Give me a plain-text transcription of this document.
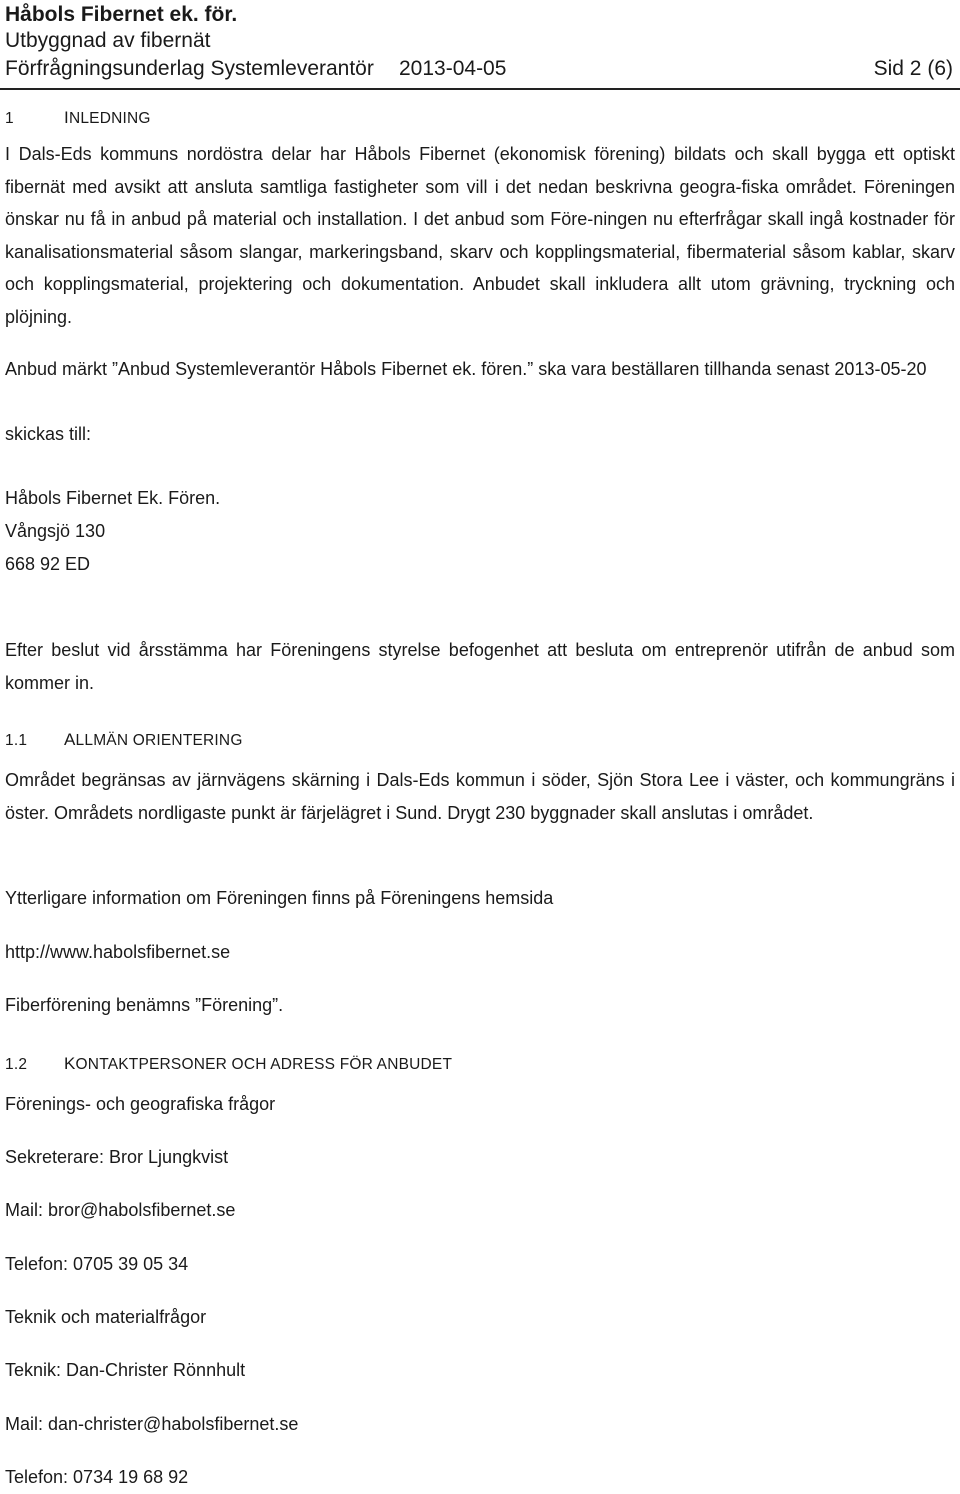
Håbols Fibernet ek. för.
Utbyggnad av fibernät
Förfrågningsunderlag Systemleverantör 2013-04-05	Sid 2 (6)
1	INLEDNING
I Dals-Eds kommuns nordöstra delar har Håbols Fibernet (ekonomisk förening) bildats och skall bygga ett optiskt fibernät med avsikt att ansluta samtliga fastigheter som vill i det nedan beskrivna geogra-fiska området. Föreningen önskar nu få in anbud på material och installation. I det anbud som Före-ningen nu efterfrågar skall ingå kostnader för kanalisationsmaterial såsom slangar, markeringsband, skarv och kopplingsmaterial, fibermaterial såsom kablar, skarv och kopplingsmaterial, projektering och dokumentation. Anbudet skall inkludera allt utom grävning, tryckning och plöjning.
Anbud märkt ”Anbud Systemleverantör Håbols Fibernet ek. fören.” ska vara beställaren tillhanda senast 2013-05-20
skickas till:
Håbols Fibernet Ek. Fören.
Vångsjö 130
668 92 ED
Efter beslut vid årsstämma har Föreningens styrelse befogenhet att besluta om entreprenör utifrån de anbud som kommer in.
1.1 ALLMÄN ORIENTERING
Området begränsas av järnvägens skärning i Dals-Eds kommun i söder, Sjön Stora Lee i väster, och kommungräns i öster. Områdets nordligaste punkt är färjelägret i Sund. Drygt 230 byggnader skall anslutas i området.
Ytterligare information om Föreningen finns på Föreningens hemsida
http://www.habolsfibernet.se
Fiberförening benämns ”Förening”.
1.2 KONTAKTPERSONER OCH ADRESS FÖR ANBUDET
Förenings- och geografiska frågor
Sekreterare: Bror Ljungkvist
Mail: bror@habolsfibernet.se
Telefon: 0705 39 05 34
Teknik och materialfrågor
Teknik: Dan-Christer Rönnhult
Mail: dan-christer@habolsfibernet.se
Telefon: 0734 19 68 92
